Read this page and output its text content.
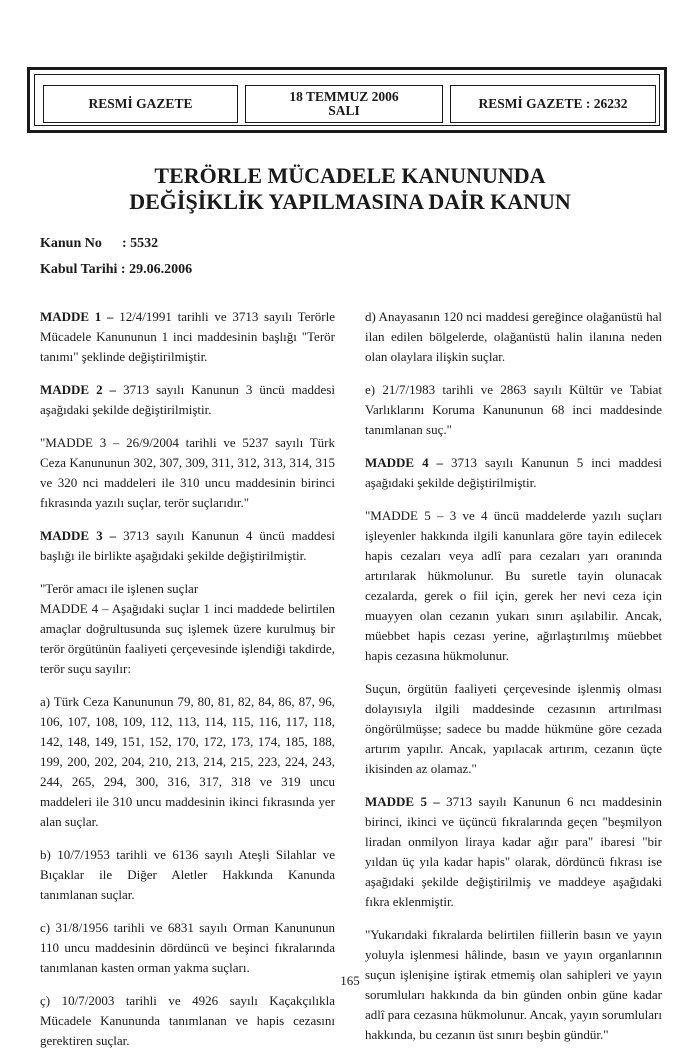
RESMİ GAZETE	18 TEMMUZ 2006
SALI	RESMİ GAZETE : 26232
TERÖRLE MÜCADELE KANUNUNDA
DEĞİŞİKLİK YAPILMASINA DAİR KANUN
Kanun No : 5532
Kabul Tarihi : 29.06.2006

MADDE 1 – 12/4/1991 tarihli ve 3713 sayılı Terörle Mücadele Kanununun 1 inci maddesinin başlığı "Terör tanımı" şeklinde değiştirilmiştir.

MADDE 2 – 3713 sayılı Kanunun 3 üncü maddesi aşağıdaki şekilde değiştirilmiştir.

"MADDE 3 – 26/9/2004 tarihli ve 5237 sayılı Türk Ceza Kanununun 302, 307, 309, 311, 312, 313, 314, 315 ve 320 nci maddeleri ile 310 uncu maddesinin birinci fıkrasında yazılı suçlar, terör suçlarıdır."

MADDE 3 – 3713 sayılı Kanunun 4 üncü maddesi başlığı ile birlikte aşağıdaki şekilde değiştirilmiştir.

"Terör amacı ile işlenen suçlar

MADDE 4 – Aşağıdaki suçlar 1 inci maddede belirtilen amaçlar doğrultusunda suç işlemek üzere kurulmuş bir terör örgütünün faaliyeti çerçevesinde işlendiği takdirde, terör suçu sayılır:

a) Türk Ceza Kanununun 79, 80, 81, 82, 84, 86, 87, 96, 106, 107, 108, 109, 112, 113, 114, 115, 116, 117, 118, 142, 148, 149, 151, 152, 170, 172, 173, 174, 185, 188, 199, 200, 202, 204, 210, 213, 214, 215, 223, 224, 243, 244, 265, 294, 300, 316, 317, 318 ve 319 uncu maddeleri ile 310 uncu maddesinin ikinci fıkrasında yer alan suçlar.

b) 10/7/1953 tarihli ve 6136 sayılı Ateşli Silahlar ve Bıçaklar ile Diğer Aletler Hakkında Kanunda tanımlanan suçlar.

c) 31/8/1956 tarihli ve 6831 sayılı Orman Kanununun 110 uncu maddesinin dördüncü ve beşinci fıkralarında tanımlanan kasten orman yakma suçları.

ç) 10/7/2003 tarihli ve 4926 sayılı Kaçakçılıkla Mücadele Kanununda tanımlanan ve hapis cezasını gerektiren suçlar.

d) Anayasanın 120 nci maddesi gereğince olağanüstü hal ilan edilen bölgelerde, olağanüstü halin ilanına neden olan olaylara ilişkin suçlar.

e) 21/7/1983 tarihli ve 2863 sayılı Kültür ve Tabiat Varlıklarını Koruma Kanununun 68 inci maddesinde tanımlanan suç."

MADDE 4 – 3713 sayılı Kanunun 5 inci maddesi aşağıdaki şekilde değiştirilmiştir.

"MADDE 5 – 3 ve 4 üncü maddelerde yazılı suçları işleyenler hakkında ilgili kanunlara göre tayin edilecek hapis cezaları veya adlî para cezaları yarı oranında artırılarak hükmolunur. Bu suretle tayin olunacak cezalarda, gerek o fiil için, gerek her nevi ceza için muayyen olan cezanın yukarı sınırı aşılabilir. Ancak, müebbet hapis cezası yerine, ağırlaştırılmış müebbet hapis cezasına hükmolunur.

Suçun, örgütün faaliyeti çerçevesinde işlenmiş olması dolayısıyla ilgili maddesinde cezasının artırılması öngörülmüşse; sadece bu madde hükmüne göre cezada artırım yapılır. Ancak, yapılacak artırım, cezanın üçte ikisinden az olamaz."

MADDE 5 – 3713 sayılı Kanunun 6 ncı maddesinin birinci, ikinci ve üçüncü fıkralarında geçen "beşmilyon liradan onmilyon liraya kadar ağır para" ibaresi "bir yıldan üç yıla kadar hapis" olarak, dördüncü fıkrası ise aşağıdaki şekilde değiştirilmiş ve maddeye aşağıdaki fıkra eklenmiştir.

"Yukarıdaki fıkralarda belirtilen fiillerin basın ve yayın yoluyla işlenmesi hâlinde, basın ve yayın organlarının suçun işlenişine iştirak etmemiş olan sahipleri ve yayın sorumluları hakkında da bin günden onbin güne kadar adlî para cezasına hükmolunur. Ancak, yayın sorumluları hakkında, bu cezanın üst sınırı beşbin gündür."

165
